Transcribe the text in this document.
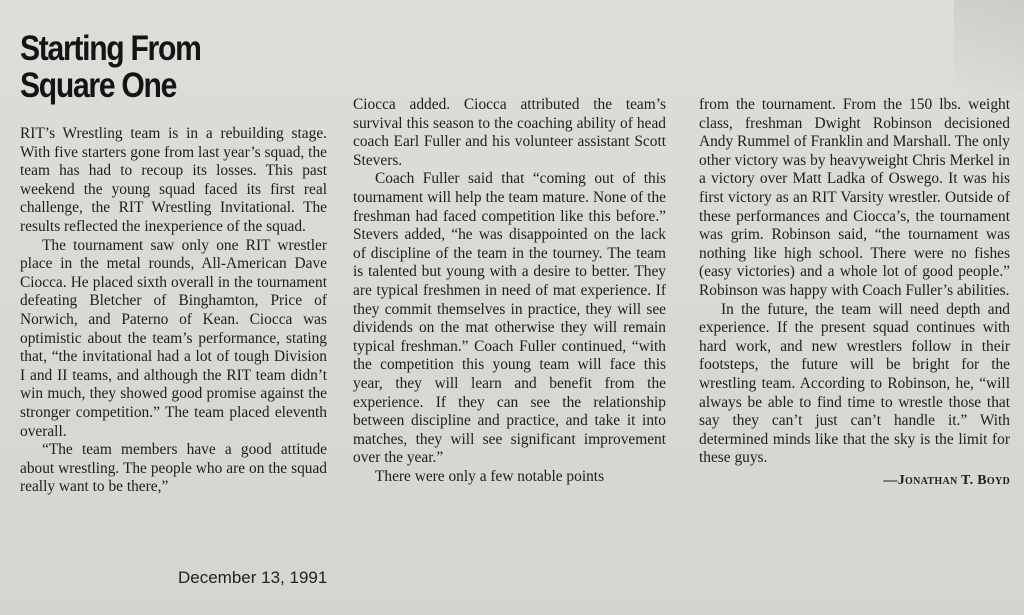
Starting From
Square One

RIT’s Wrestling team is in a rebuilding stage. With five starters gone from last year’s squad, the team has had to recoup its losses. This past weekend the young squad faced its first real challenge, the RIT Wrestling Invitational. The results reflected the inexperience of the squad.

The tournament saw only one RIT wrestler place in the metal rounds, All-American Dave Ciocca. He placed sixth overall in the tournament defeating Bletcher of Binghamton, Price of Norwich, and Paterno of Kean. Ciocca was optimistic about the team’s performance, stating that, “the invitational had a lot of tough Division I and II teams, and although the RIT team didn’t win much, they showed good promise against the stronger competition.” The team placed eleventh overall.

“The team members have a good attitude about wrestling. The people who are on the squad really want to be there,”

Ciocca added. Ciocca attributed the team’s survival this season to the coaching ability of head coach Earl Fuller and his volunteer assistant Scott Stevers.

Coach Fuller said that “coming out of this tournament will help the team mature. None of the freshman had faced competition like this before.” Stevers added, “he was disappointed on the lack of discipline of the team in the tourney. The team is talented but young with a desire to better. They are typical freshmen in need of mat experience. If they commit themselves in practice, they will see dividends on the mat otherwise they will remain typical freshman.” Coach Fuller continued, “with the competition this young team will face this year, they will learn and benefit from the experience. If they can see the relationship between discipline and practice, and take it into matches, they will see significant improvement over the year.”

There were only a few notable points

from the tournament. From the 150 lbs. weight class, freshman Dwight Robinson decisioned Andy Rummel of Franklin and Marshall. The only other victory was by heavyweight Chris Merkel in a victory over Matt Ladka of Oswego. It was his first victory as an RIT Varsity wrestler. Outside of these performances and Ciocca’s, the tournament was grim. Robinson said, “the tournament was nothing like high school. There were no fishes (easy victories) and a whole lot of good people.” Robinson was happy with Coach Fuller’s abilities.

In the future, the team will need depth and experience. If the present squad continues with hard work, and new wrestlers follow in their footsteps, the future will be bright for the wrestling team. According to Robinson, he, “will always be able to find time to wrestle those that say they can’t just can’t handle it.” With determined minds like that the sky is the limit for these guys.

—Jonathan T. Boyd
December 13, 1991
